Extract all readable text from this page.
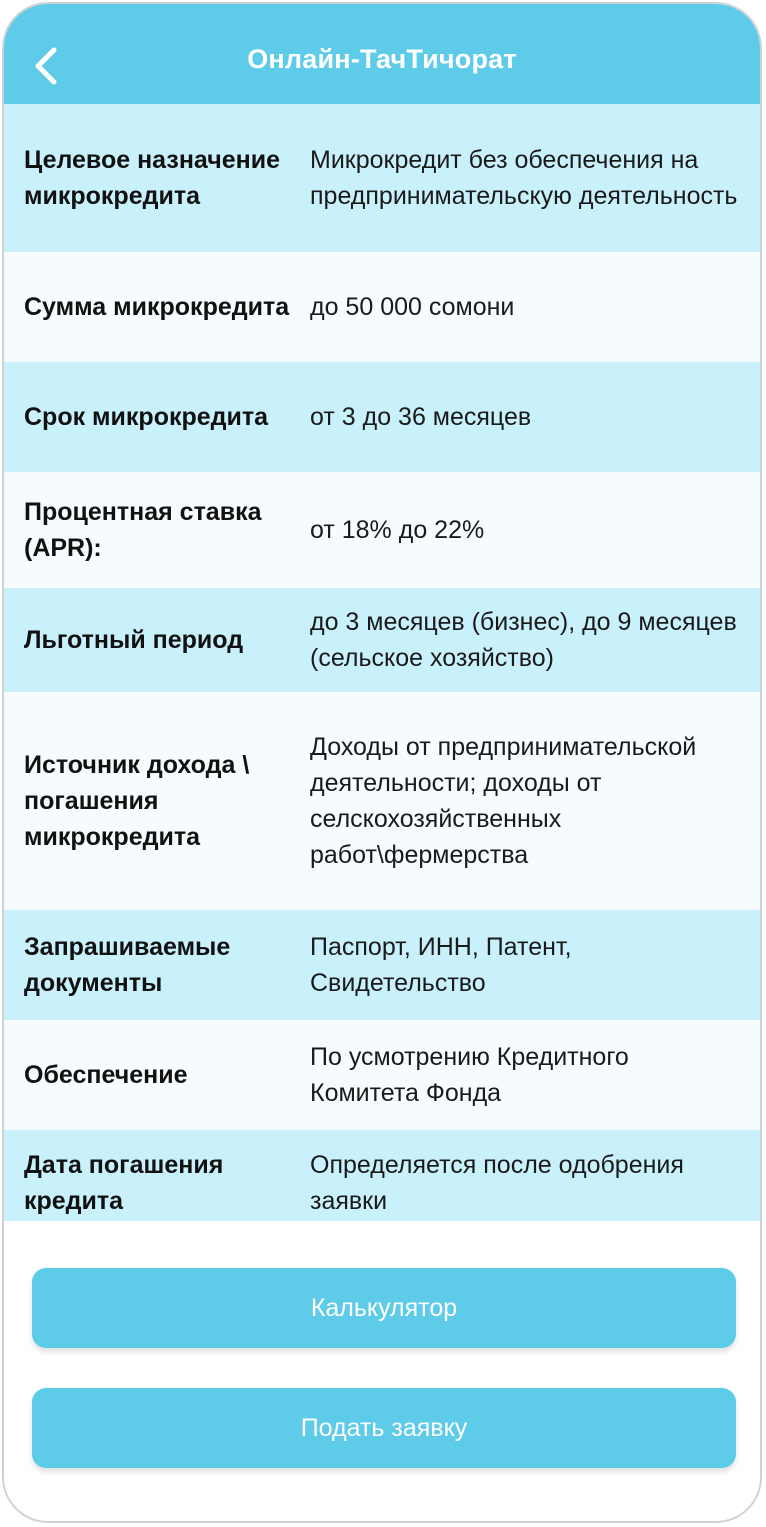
Онлайн-ТачТичорат
Целевое назначение микрокредита
Микрокредит без обеспечения на предпринимательскую деятельность
Сумма микрокредита до 50 000 сомони
Срок микрокредита	от 3 до 36 месяцев
Процентная ставка (APR):
от 18% до 22%
Льготный период
до 3 месяцев (бизнес), до 9 месяцев (сельское хозяйство)
Источник дохода \ погашения микрокредита
Доходы от предпринимательской деятельности; доходы от селскохозяйственных работ\фермерства
Запрашиваемые документы
Паспорт, ИНН, Патент, Свидетельство
Обеспечение
По усмотрению Кредитного Комитета Фонда
Дата погашения кредита
Определяется после одобрения заявки
Калькулятор
Подать заявку
